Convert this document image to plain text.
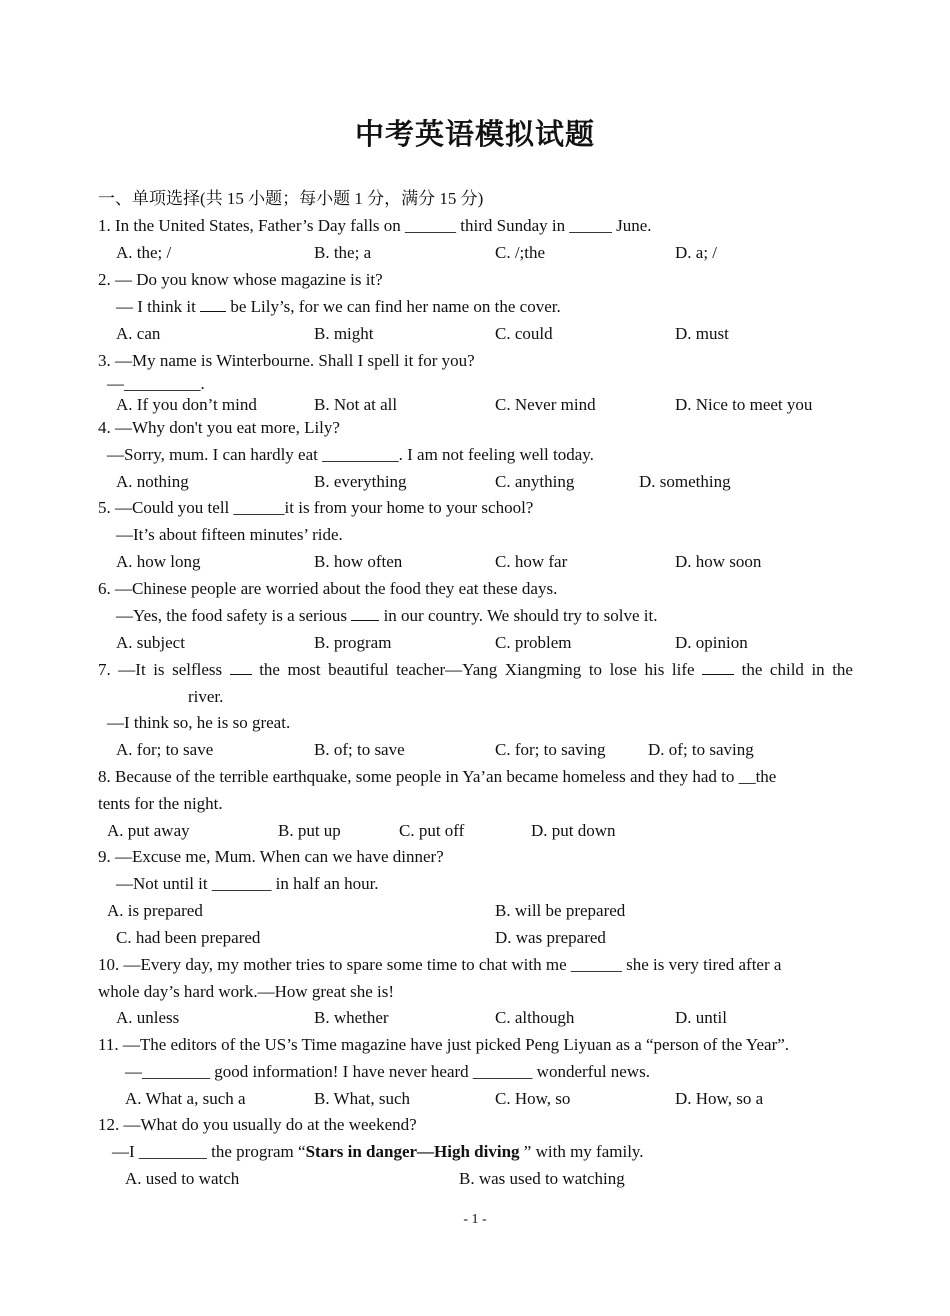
中考英语模拟试题
一、单项选择(共 15 小题；每小题 1 分，满分 15 分)
1. In the United States, Father’s Day falls on ______ third Sunday in _____ June.
A. the; /	B. the; a	C. /;the	D. a; /
2. — Do you know whose magazine is it?
— I think it  be Lily’s, for we can find her name on the cover.
A. can	B. might	C. could	D. must
3. —My name is Winterbourne. Shall I spell it for you?
—_________.
A. If you don’t mind	B. Not at all	C. Never mind	D. Nice to meet you
4. —Why don't you eat more, Lily?
—Sorry, mum. I can hardly eat _________. I am not feeling well today.
A. nothing	B. everything	C. anything	D. something
5. —Could you tell ______it is from your home to your school?
—It’s about fifteen minutes’ ride.
A. how long	B. how often	C. how far	D. how soon
6. —Chinese people are worried about the food they eat these days.
—Yes, the food safety is a serious  in our country. We should try to solve it.
A. subject	B. program	C. problem	D. opinion
7. —It is selfless  the most beautiful teacher—Yang Xiangming to lose his life  the child in the
river.
—I think so, he is so great.
A. for; to save	B. of; to save	C. for; to saving	D. of; to saving
8. Because of the terrible earthquake, some people in Ya’an became homeless and they had to __the
tents for the night.
A. put away	B. put up	C. put off	D. put down
9. —Excuse me, Mum. When can we have dinner?
—Not until it _______ in half an hour.
A. is prepared	B. will be prepared
C. had been prepared	D. was prepared
10. —Every day, my mother tries to spare some time to chat with me ______ she is very tired after a
whole day’s hard work.—How great she is!
A. unless	B. whether	C. although	D. until
11. —The editors of the US’s Time magazine have just picked Peng Liyuan as a “person of the Year”.
—________ good information! I have never heard _______ wonderful news.
A. What a, such a	B. What, such	C. How, so	D. How, so a
12. —What do you usually do at the weekend?
—I ________ the program “Stars in danger—High diving ” with my family.
A. used to watch	B. was used to watching
- 1 -
